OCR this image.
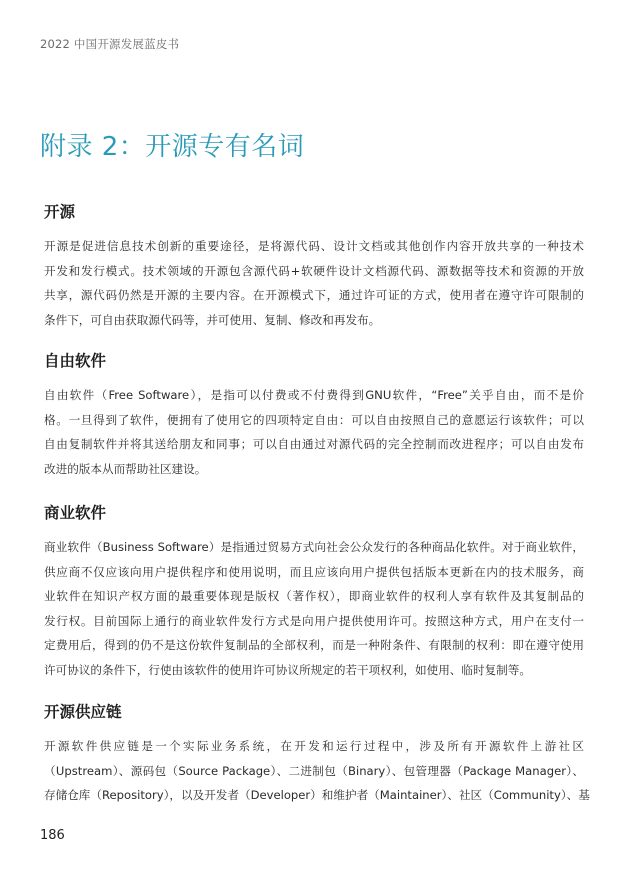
2022 中国开源发展蓝皮书
附录 2：开源专有名词
开源

开源是促进信息技术创新的重要途径，是将源代码、设计文档或其他创作内容开放共享的一种技术
开发和发行模式。技术领域的开源包含源代码+软硬件设计文档源代码、源数据等技术和资源的开放
共享，源代码仍然是开源的主要内容。在开源模式下，通过许可证的方式，使用者在遵守许可限制的
条件下，可自由获取源代码等，并可使用、复制、修改和再发布。

自由软件

自由软件（Free Software），是指可以付费或不付费得到GNU软件，“Free”关乎自由，而不是价
格。一旦得到了软件，便拥有了使用它的四项特定自由：可以自由按照自己的意愿运行该软件；可以
自由复制软件并将其送给朋友和同事；可以自由通过对源代码的完全控制而改进程序；可以自由发布
改进的版本从而帮助社区建设。

商业软件

商业软件（Business Software）是指通过贸易方式向社会公众发行的各种商品化软件。对于商业软件，
供应商不仅应该向用户提供程序和使用说明，而且应该向用户提供包括版本更新在内的技术服务，商
业软件在知识产权方面的最重要体现是版权（著作权），即商业软件的权利人享有软件及其复制品的
发行权。目前国际上通行的商业软件发行方式是向用户提供使用许可。按照这种方式，用户在支付一
定费用后，得到的仍不是这份软件复制品的全部权利，而是一种附条件、有限制的权利：即在遵守使用
许可协议的条件下，行使由该软件的使用许可协议所规定的若干项权利，如使用、临时复制等。

开源供应链

开源软件供应链是一个实际业务系统，在开发和运行过程中，涉及所有开源软件上游社区
（Upstream）、源码包（Source Package）、二进制包（Binary）、包管理器（Package Manager）、
存储仓库（Repository），以及开发者（Developer）和维护者（Maintainer）、社区（Community）、基

186
